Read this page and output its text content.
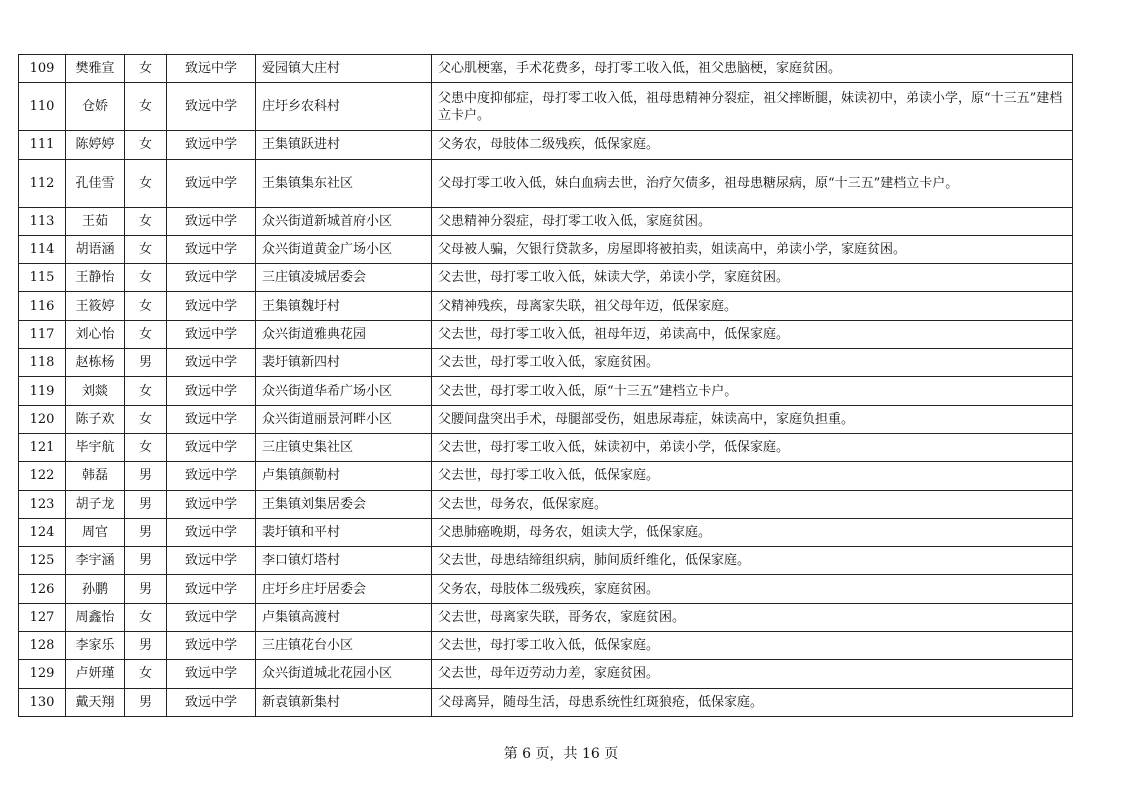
109	樊雅宣	女	致远中学	爱园镇大庄村	父心肌梗塞，手术花费多，母打零工收入低，祖父患脑梗，家庭贫困。
110	仓娇	女	致远中学	庄圩乡农科村	父患中度抑郁症，母打零工收入低，祖母患精神分裂症，祖父摔断腿，妹读初中，弟读小学，原“十三五”建档立卡户。
111	陈婷婷	女	致远中学	王集镇跃进村	父务农，母肢体二级残疾，低保家庭。
112	孔佳雪	女	致远中学	王集镇集东社区	父母打零工收入低，妹白血病去世，治疗欠债多，祖母患糖尿病，原“十三五”建档立卡户。
113	王茹	女	致远中学	众兴街道新城首府小区	父患精神分裂症，母打零工收入低，家庭贫困。
114	胡语涵	女	致远中学	众兴街道黄金广场小区	父母被人骗，欠银行贷款多，房屋即将被拍卖，姐读高中，弟读小学，家庭贫困。
115	王静怡	女	致远中学	三庄镇凌城居委会	父去世，母打零工收入低，妹读大学，弟读小学，家庭贫困。
116	王筱婷	女	致远中学	王集镇魏圩村	父精神残疾，母离家失联，祖父母年迈，低保家庭。
117	刘心怡	女	致远中学	众兴街道雅典花园	父去世，母打零工收入低，祖母年迈，弟读高中，低保家庭。
118	赵栋杨	男	致远中学	裴圩镇新四村	父去世，母打零工收入低，家庭贫困。
119	刘燚	女	致远中学	众兴街道华希广场小区	父去世，母打零工收入低，原“十三五”建档立卡户。
120	陈子欢	女	致远中学	众兴街道丽景河畔小区	父腰间盘突出手术，母腿部受伤，姐患尿毒症，妹读高中，家庭负担重。
121	毕宇航	女	致远中学	三庄镇史集社区	父去世，母打零工收入低，妹读初中，弟读小学，低保家庭。
122	韩磊	男	致远中学	卢集镇颜勒村	父去世，母打零工收入低，低保家庭。
123	胡子龙	男	致远中学	王集镇刘集居委会	父去世，母务农，低保家庭。
124	周官	男	致远中学	裴圩镇和平村	父患肺癌晚期，母务农，姐读大学，低保家庭。
125	李宇涵	男	致远中学	李口镇灯塔村	父去世，母患结缔组织病，肺间质纤维化，低保家庭。
126	孙鹏	男	致远中学	庄圩乡庄圩居委会	父务农，母肢体二级残疾，家庭贫困。
127	周鑫怡	女	致远中学	卢集镇高渡村	父去世，母离家失联，哥务农，家庭贫困。
128	李家乐	男	致远中学	三庄镇花台小区	父去世，母打零工收入低，低保家庭。
129	卢妍瑾	女	致远中学	众兴街道城北花园小区	父去世，母年迈劳动力差，家庭贫困。
130	戴天翔	男	致远中学	新袁镇新集村	父母离异，随母生活，母患系统性红斑狼疮，低保家庭。
第 6 页，共 16 页
